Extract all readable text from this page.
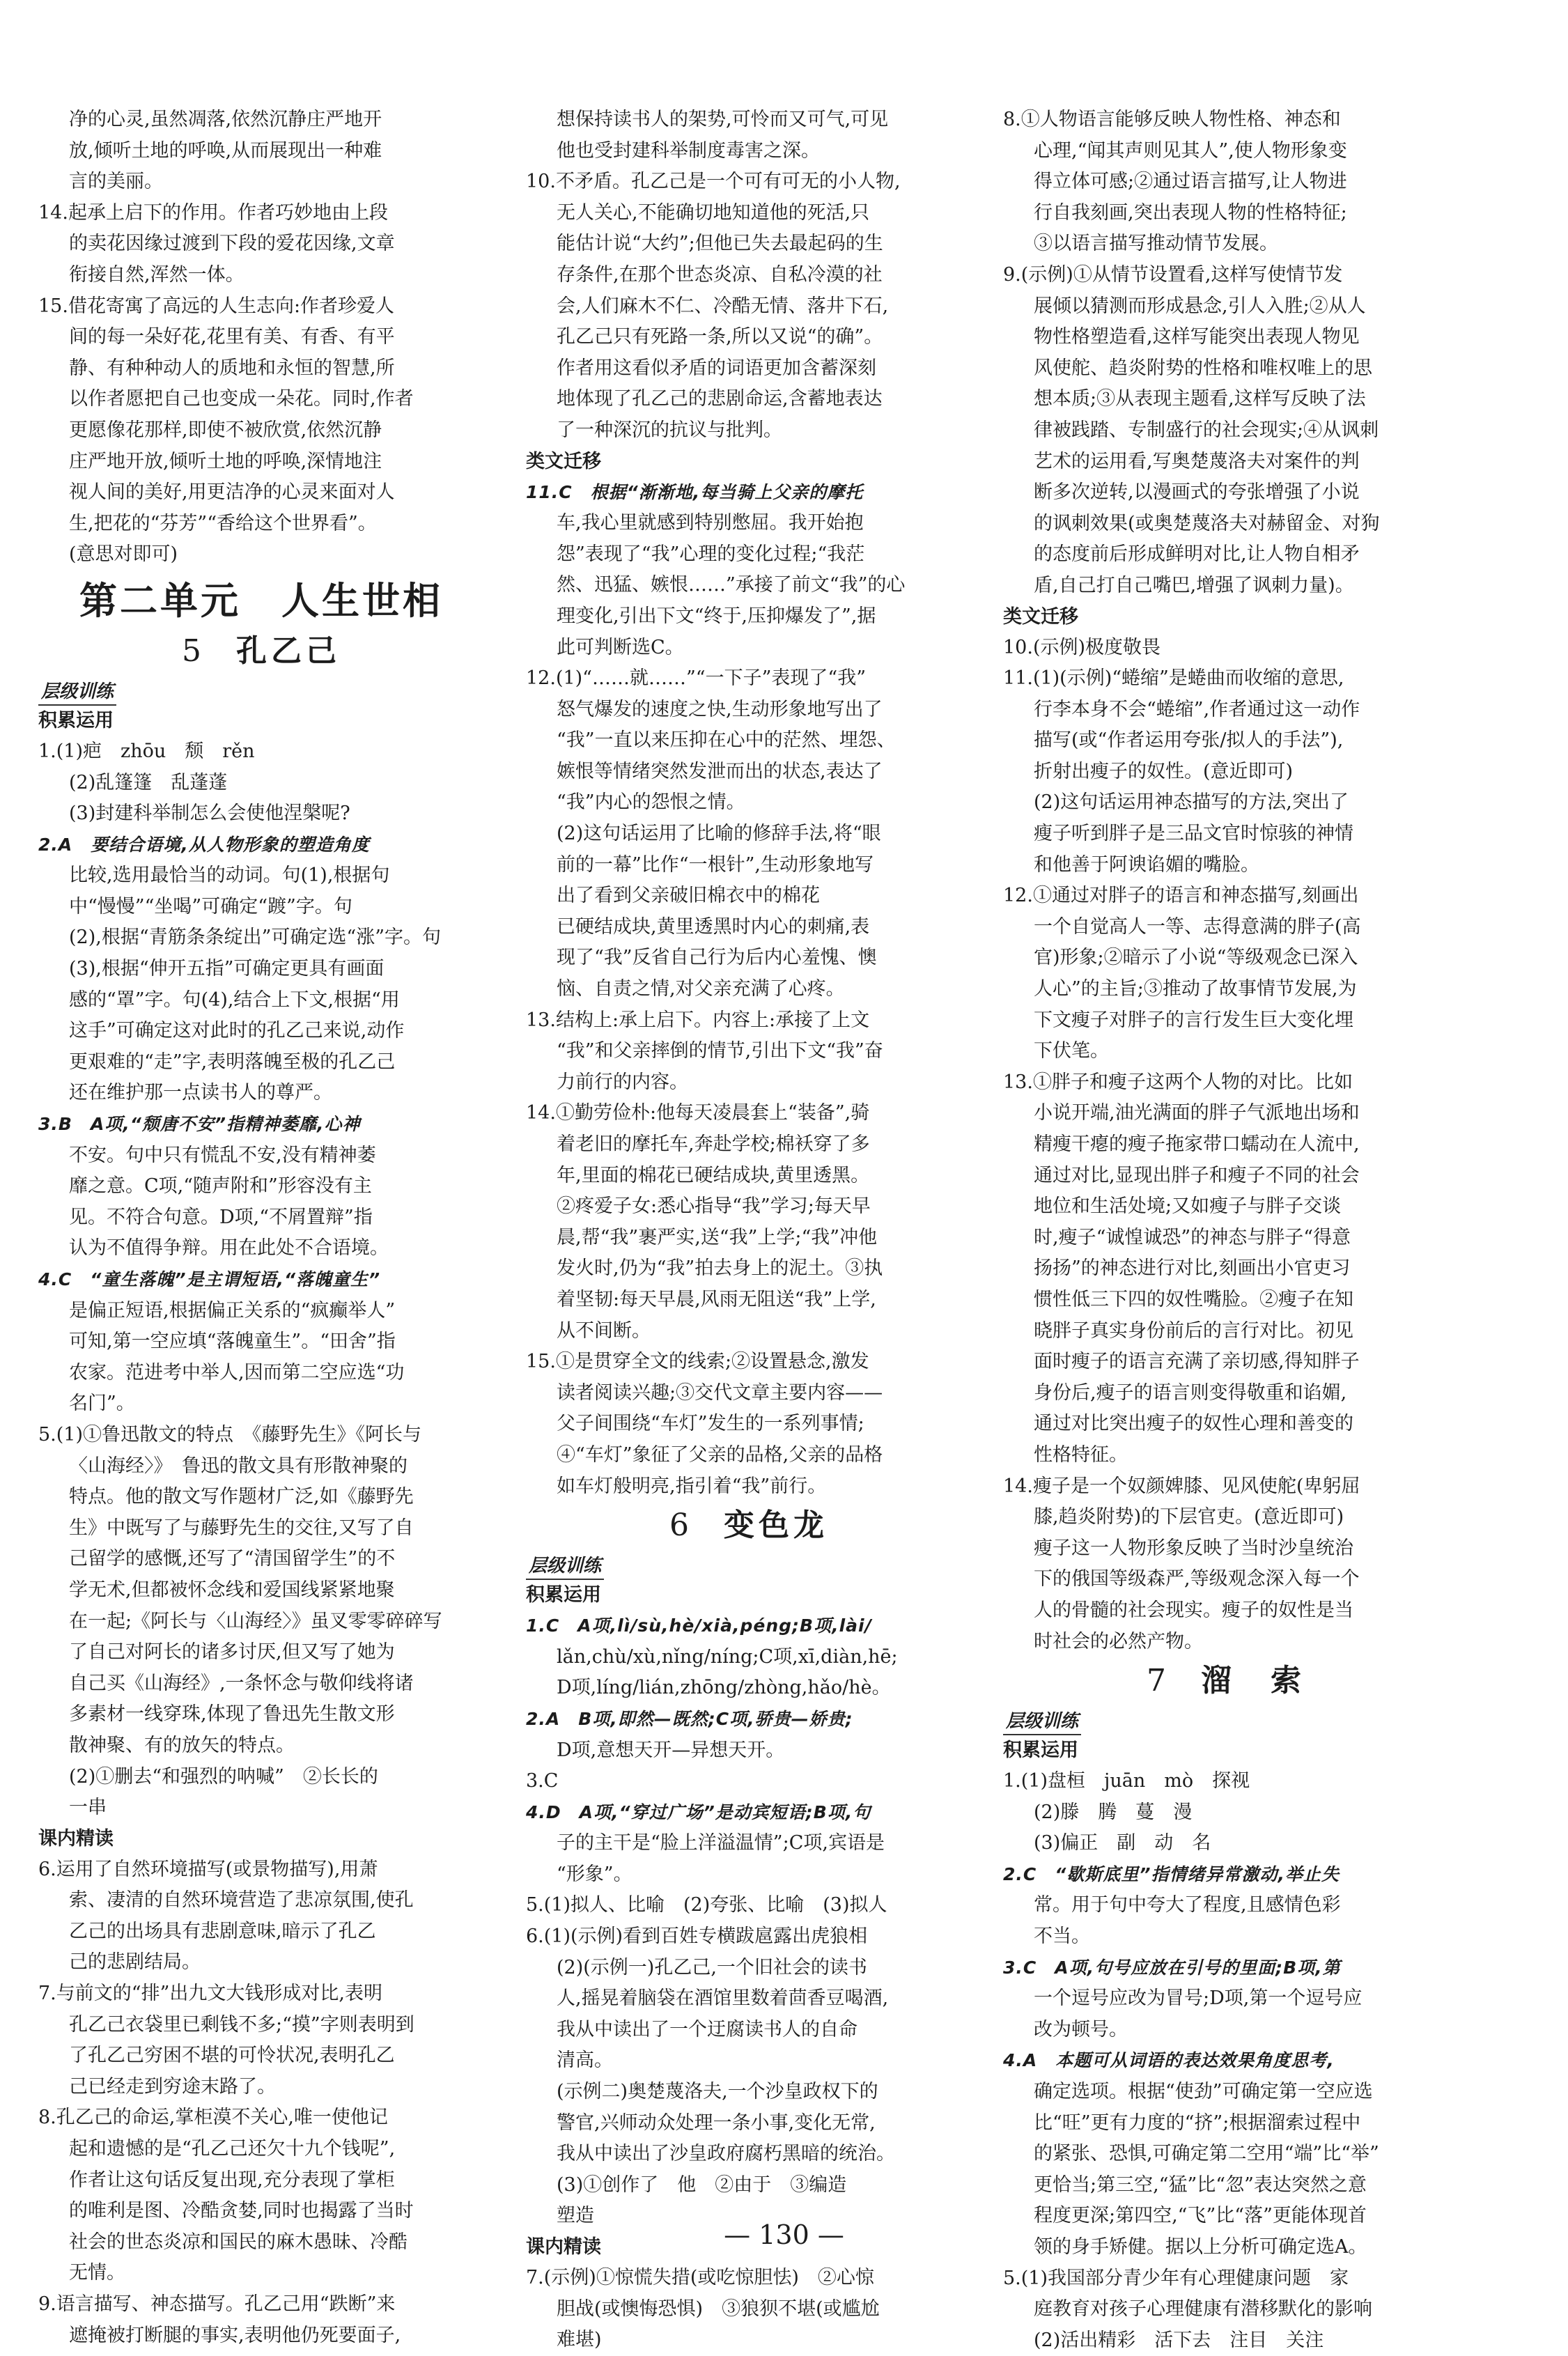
净的心灵,虽然凋落,依然沉静庄严地开
放,倾听土地的呼唤,从而展现出一种难
言的美丽。
14.起承上启下的作用。作者巧妙地由上段
的卖花因缘过渡到下段的爱花因缘,文章
衔接自然,浑然一体。
15.借花寄寓了高远的人生志向:作者珍爱人
间的每一朵好花,花里有美、有香、有平
静、有种种动人的质地和永恒的智慧,所
以作者愿把自己也变成一朵花。同时,作者
更愿像花那样,即使不被欣赏,依然沉静
庄严地开放,倾听土地的呼唤,深情地注
视人间的美好,用更洁净的心灵来面对人
生,把花的“芬芳”“香给这个世界看”。
(意思对即可)
第二单元　人生世相
5 孔乙己
层级训练
积累运用
1.(1)疤　zhōu　颓　rěn
(2)乱篷篷　乱蓬蓬
(3)封建科举制怎么会使他涅槃呢?
2.A　要结合语境,从人物形象的塑造角度
比较,选用最恰当的动词。句(1),根据句
中“慢慢”“坐喝”可确定“踱”字。句
(2),根据“青筋条条绽出”可确定选“涨”字。句
(3),根据“伸开五指”可确定更具有画面
感的“罩”字。句(4),结合上下文,根据“用
这手”可确定这对此时的孔乙己来说,动作
更艰难的“走”字,表明落魄至极的孔乙己
还在维护那一点读书人的尊严。
3.B　A项,“颓唐不安”指精神萎靡,心神
不安。句中只有慌乱不安,没有精神萎
靡之意。C项,“随声附和”形容没有主
见。不符合句意。D项,“不屑置辩”指
认为不值得争辩。用在此处不合语境。
4.C　“童生落魄”是主谓短语,“落魄童生”
是偏正短语,根据偏正关系的“疯癫举人”
可知,第一空应填“落魄童生”。“田舍”指
农家。范进考中举人,因而第二空应选“功
名门”。
5.(1)①鲁迅散文的特点　《藤野先生》《阿长与
〈山海经〉》　鲁迅的散文具有形散神聚的
特点。他的散文写作题材广泛,如《藤野先
生》中既写了与藤野先生的交往,又写了自
己留学的感慨,还写了“清国留学生”的不
学无术,但都被怀念线和爱国线紧紧地聚
在一起;《阿长与〈山海经〉》虽叉零零碎碎写
了自己对阿长的诸多讨厌,但又写了她为
自己买《山海经》,一条怀念与敬仰线将诸
多素材一线穿珠,体现了鲁迅先生散文形
散神聚、有的放矢的特点。
(2)①删去“和强烈的呐喊”　②长长的
一串
课内精读
6.运用了自然环境描写(或景物描写),用萧
索、凄清的自然环境营造了悲凉氛围,使孔
乙己的出场具有悲剧意味,暗示了孔乙
己的悲剧结局。
7.与前文的“排”出九文大钱形成对比,表明
孔乙己衣袋里已剩钱不多;“摸”字则表明到
了孔乙己穷困不堪的可怜状况,表明孔乙
己已经走到穷途末路了。
8.孔乙己的命运,掌柜漠不关心,唯一使他记
起和遗憾的是“孔乙己还欠十九个钱呢”,
作者让这句话反复出现,充分表现了掌柜
的唯利是图、冷酷贪婪,同时也揭露了当时
社会的世态炎凉和国民的麻木愚昧、冷酷
无情。
9.语言描写、神态描写。孔乙己用“跌断”来
遮掩被打断腿的事实,表明他仍死要面子,
想保持读书人的架势,可怜而又可气,可见
他也受封建科举制度毒害之深。
10.不矛盾。孔乙己是一个可有可无的小人物,
无人关心,不能确切地知道他的死活,只
能估计说“大约”;但他已失去最起码的生
存条件,在那个世态炎凉、自私冷漠的社
会,人们麻木不仁、冷酷无情、落井下石,
孔乙己只有死路一条,所以又说“的确”。
作者用这看似矛盾的词语更加含蓄深刻
地体现了孔乙己的悲剧命运,含蓄地表达
了一种深沉的抗议与批判。
类文迁移
11.C　根据“渐渐地,每当骑上父亲的摩托
车,我心里就感到特别憋屈。我开始抱
怨”表现了“我”心理的变化过程;“我茫
然、迅猛、嫉恨……”承接了前文“我”的心
理变化,引出下文“终于,压抑爆发了”,据
此可判断选C。
12.(1)“……就……”“一下子”表现了“我”
怒气爆发的速度之快,生动形象地写出了
“我”一直以来压抑在心中的茫然、埋怨、
嫉恨等情绪突然发泄而出的状态,表达了
“我”内心的怨恨之情。
(2)这句话运用了比喻的修辞手法,将“眼
前的一幕”比作“一根针”,生动形象地写
出了看到父亲破旧棉衣中的棉花
已硬结成块,黄里透黑时内心的刺痛,表
现了“我”反省自己行为后内心羞愧、懊
恼、自责之情,对父亲充满了心疼。
13.结构上:承上启下。内容上:承接了上文
“我”和父亲摔倒的情节,引出下文“我”奋
力前行的内容。
14.①勤劳俭朴:他每天凌晨套上“装备”,骑
着老旧的摩托车,奔赴学校;棉袄穿了多
年,里面的棉花已硬结成块,黄里透黑。
②疼爱子女:悉心指导“我”学习;每天早
晨,帮“我”裹严实,送“我”上学;“我”冲他
发火时,仍为“我”拍去身上的泥土。③执
着坚韧:每天早晨,风雨无阻送“我”上学,
从不间断。
15.①是贯穿全文的线索;②设置悬念,激发
读者阅读兴趣;③交代文章主要内容——
父子间围绕“车灯”发生的一系列事情;
④“车灯”象征了父亲的品格,父亲的品格
如车灯般明亮,指引着“我”前行。
6 变色龙
层级训练
积累运用
1.C　A项,lì/sù,hè/xià,péng;B项,lài/
lǎn,chù/xù,nǐng/níng;C项,xī,diàn,hē;
D项,líng/lián,zhōng/zhòng,hǎo/hè。
2.A　B项,即然—既然;C项,骄贵—娇贵;
D项,意想天开—异想天开。
3.C
4.D　A项,“穿过广场”是动宾短语;B项,句
子的主干是“脸上洋溢温情”;C项,宾语是
“形象”。
5.(1)拟人、比喻　(2)夸张、比喻　(3)拟人
6.(1)(示例)看到百姓专横跋扈露出虎狼相
(2)(示例一)孔乙己,一个旧社会的读书
人,摇晃着脑袋在酒馆里数着茴香豆喝酒,
我从中读出了一个迂腐读书人的自命
清高。
(示例二)奥楚蔑洛夫,一个沙皇政权下的
警官,兴师动众处理一条小事,变化无常,
我从中读出了沙皇政府腐朽黑暗的统治。
(3)①创作了　他　②由于　③编造
塑造
课内精读
7.(示例)①惊慌失措(或吃惊胆怯)　②心惊
胆战(或懊悔恐惧)　③狼狈不堪(或尴尬
难堪)
8.①人物语言能够反映人物性格、神态和
心理,“闻其声则见其人”,使人物形象变
得立体可感;②通过语言描写,让人物进
行自我刻画,突出表现人物的性格特征;
③以语言描写推动情节发展。
9.(示例)①从情节设置看,这样写使情节发
展倾以猜测而形成悬念,引人入胜;②从人
物性格塑造看,这样写能突出表现人物见
风使舵、趋炎附势的性格和唯权唯上的思
想本质;③从表现主题看,这样写反映了法
律被践踏、专制盛行的社会现实;④从讽刺
艺术的运用看,写奥楚蔑洛夫对案件的判
断多次逆转,以漫画式的夸张增强了小说
的讽刺效果(或奥楚蔑洛夫对赫留金、对狗
的态度前后形成鲜明对比,让人物自相矛
盾,自己打自己嘴巴,增强了讽刺力量)。
类文迁移
10.(示例)极度敬畏
11.(1)(示例)“蜷缩”是蜷曲而收缩的意思,
行李本身不会“蜷缩”,作者通过这一动作
描写(或“作者运用夸张/拟人的手法”),
折射出瘦子的奴性。(意近即可)
(2)这句话运用神态描写的方法,突出了
瘦子听到胖子是三品文官时惊骇的神情
和他善于阿谀谄媚的嘴脸。
12.①通过对胖子的语言和神态描写,刻画出
一个自觉高人一等、志得意满的胖子(高
官)形象;②暗示了小说“等级观念已深入
人心”的主旨;③推动了故事情节发展,为
下文瘦子对胖子的言行发生巨大变化埋
下伏笔。
13.①胖子和瘦子这两个人物的对比。比如
小说开端,油光满面的胖子气派地出场和
精瘦干瘪的瘦子拖家带口蠕动在人流中,
通过对比,显现出胖子和瘦子不同的社会
地位和生活处境;又如瘦子与胖子交谈
时,瘦子“诚惶诚恐”的神态与胖子“得意
扬扬”的神态进行对比,刻画出小官吏习
惯性低三下四的奴性嘴脸。②瘦子在知
晓胖子真实身份前后的言行对比。初见
面时瘦子的语言充满了亲切感,得知胖子
身份后,瘦子的语言则变得敬重和谄媚,
通过对比突出瘦子的奴性心理和善变的
性格特征。
14.瘦子是一个奴颜婢膝、见风使舵(卑躬屈
膝,趋炎附势)的下层官吏。(意近即可)
瘦子这一人物形象反映了当时沙皇统治
下的俄国等级森严,等级观念深入每一个
人的骨髓的社会现实。瘦子的奴性是当
时社会的必然产物。
7 溜　索
层级训练
积累运用
1.(1)盘桓　juān　mò　探视
(2)滕　腾　蔓　漫
(3)偏正　副　动　名
2.C　“歇斯底里”指情绪异常激动,举止失
常。用于句中夸大了程度,且感情色彩
不当。
3.C　A项,句号应放在引号的里面;B项,第
一个逗号应改为冒号;D项,第一个逗号应
改为顿号。
4.A　本题可从词语的表达效果角度思考,
确定选项。根据“使劲”可确定第一空应选
比“旺”更有力度的“挤”;根据溜索过程中
的紧张、恐惧,可确定第二空用“端”比“举”
更恰当;第三空,“猛”比“忽”表达突然之意
程度更深;第四空,“飞”比“落”更能体现首
领的身手矫健。据以上分析可确定选A。
5.(1)我国部分青少年有心理健康问题　家
庭教育对孩子心理健康有潜移默化的影响
(2)活出精彩　活下去　注目　关注
— 130 —
